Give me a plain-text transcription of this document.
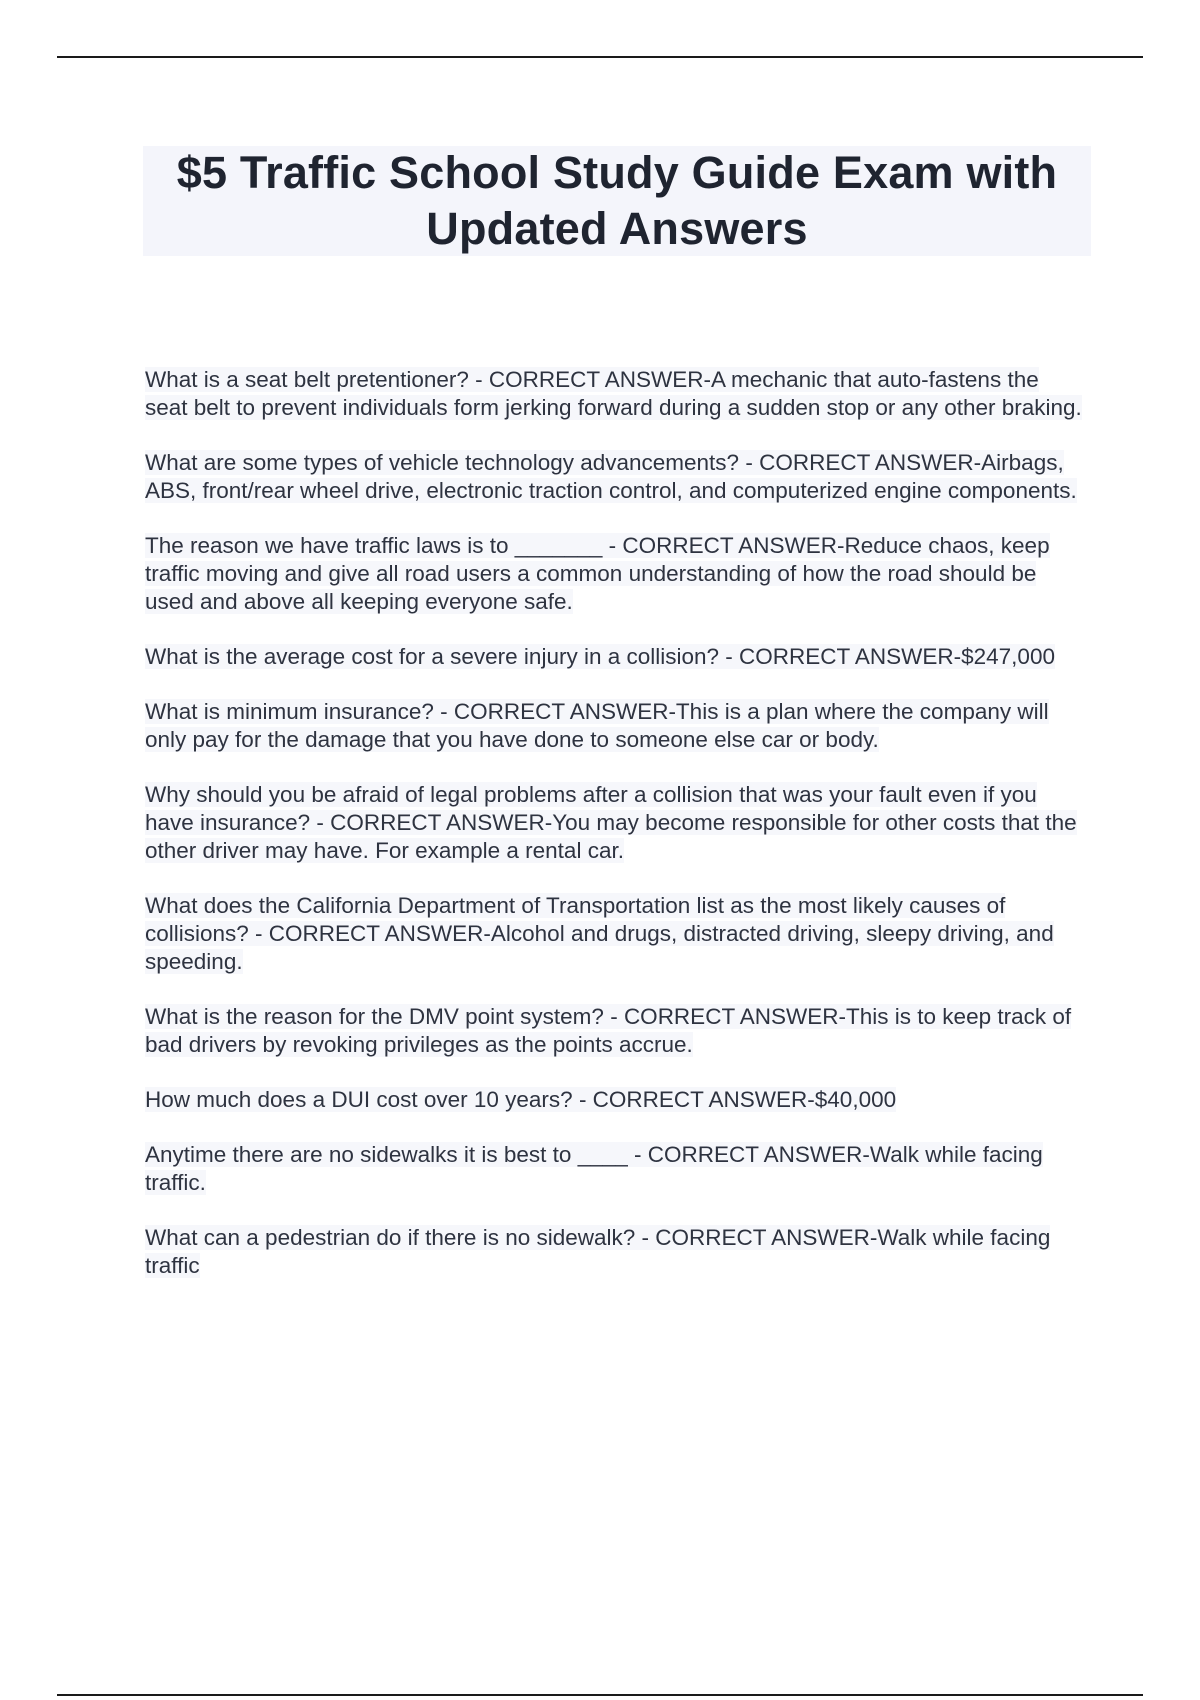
$5 Traffic School Study Guide Exam with
Updated Answers
What is a seat belt pretentioner? - CORRECT ANSWER-A mechanic that auto-fastens the seat belt to prevent individuals form jerking forward during a sudden stop or any other braking.
What are some types of vehicle technology advancements? - CORRECT ANSWER-Airbags, ABS, front/rear wheel drive, electronic traction control, and computerized engine components.
The reason we have traffic laws is to _______ - CORRECT ANSWER-Reduce chaos, keep traffic moving and give all road users a common understanding of how the road should be used and above all keeping everyone safe.
What is the average cost for a severe injury in a collision? - CORRECT ANSWER-$247,000
What is minimum insurance? - CORRECT ANSWER-This is a plan where the company will only pay for the damage that you have done to someone else car or body.
Why should you be afraid of legal problems after a collision that was your fault even if you have insurance? - CORRECT ANSWER-You may become responsible for other costs that the other driver may have. For example a rental car.
What does the California Department of Transportation list as the most likely causes of collisions? - CORRECT ANSWER-Alcohol and drugs, distracted driving, sleepy driving, and speeding.
What is the reason for the DMV point system? - CORRECT ANSWER-This is to keep track of bad drivers by revoking privileges as the points accrue.
How much does a DUI cost over 10 years? - CORRECT ANSWER-$40,000
Anytime there are no sidewalks it is best to ____ - CORRECT ANSWER-Walk while facing traffic.
What can a pedestrian do if there is no sidewalk? - CORRECT ANSWER-Walk while facing traffic
